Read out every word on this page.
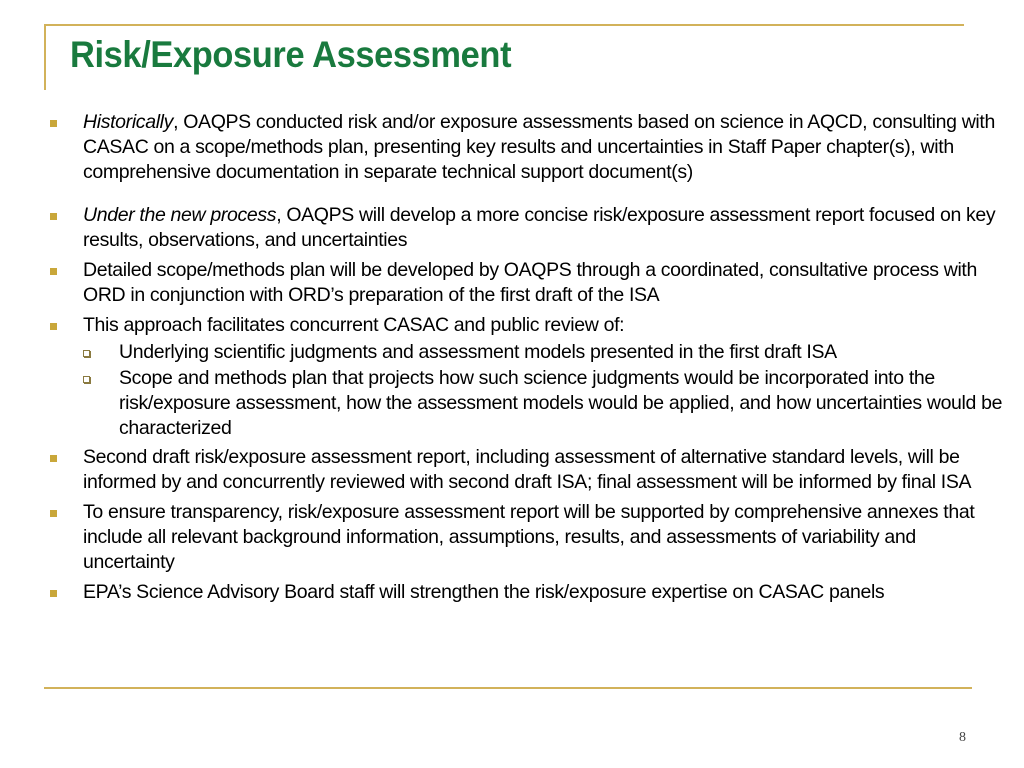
Risk/Exposure Assessment
Historically, OAQPS conducted risk and/or exposure assessments based on science in AQCD, consulting with CASAC on a scope/methods plan, presenting key results and uncertainties in Staff Paper chapter(s), with comprehensive documentation in separate technical support document(s)
Under the new process, OAQPS will develop a more concise risk/exposure assessment report focused on key results, observations, and uncertainties
Detailed scope/methods plan will be developed by OAQPS through a coordinated, consultative process with ORD in conjunction with ORD’s preparation of the first draft of the ISA
This approach facilitates concurrent CASAC and public review of:
Underlying scientific judgments and assessment models presented in the first draft ISA
Scope and methods plan that projects how such science judgments would be incorporated into the risk/exposure assessment, how the assessment models would be applied, and how uncertainties would be characterized
Second draft risk/exposure assessment report, including assessment of alternative standard levels, will be informed by and concurrently reviewed with second draft ISA; final assessment will be informed by final ISA
To ensure transparency, risk/exposure assessment report will be supported by comprehensive annexes that include all relevant background information, assumptions, results, and assessments of variability and uncertainty
EPA’s Science Advisory Board staff will strengthen the risk/exposure expertise on CASAC panels
8
